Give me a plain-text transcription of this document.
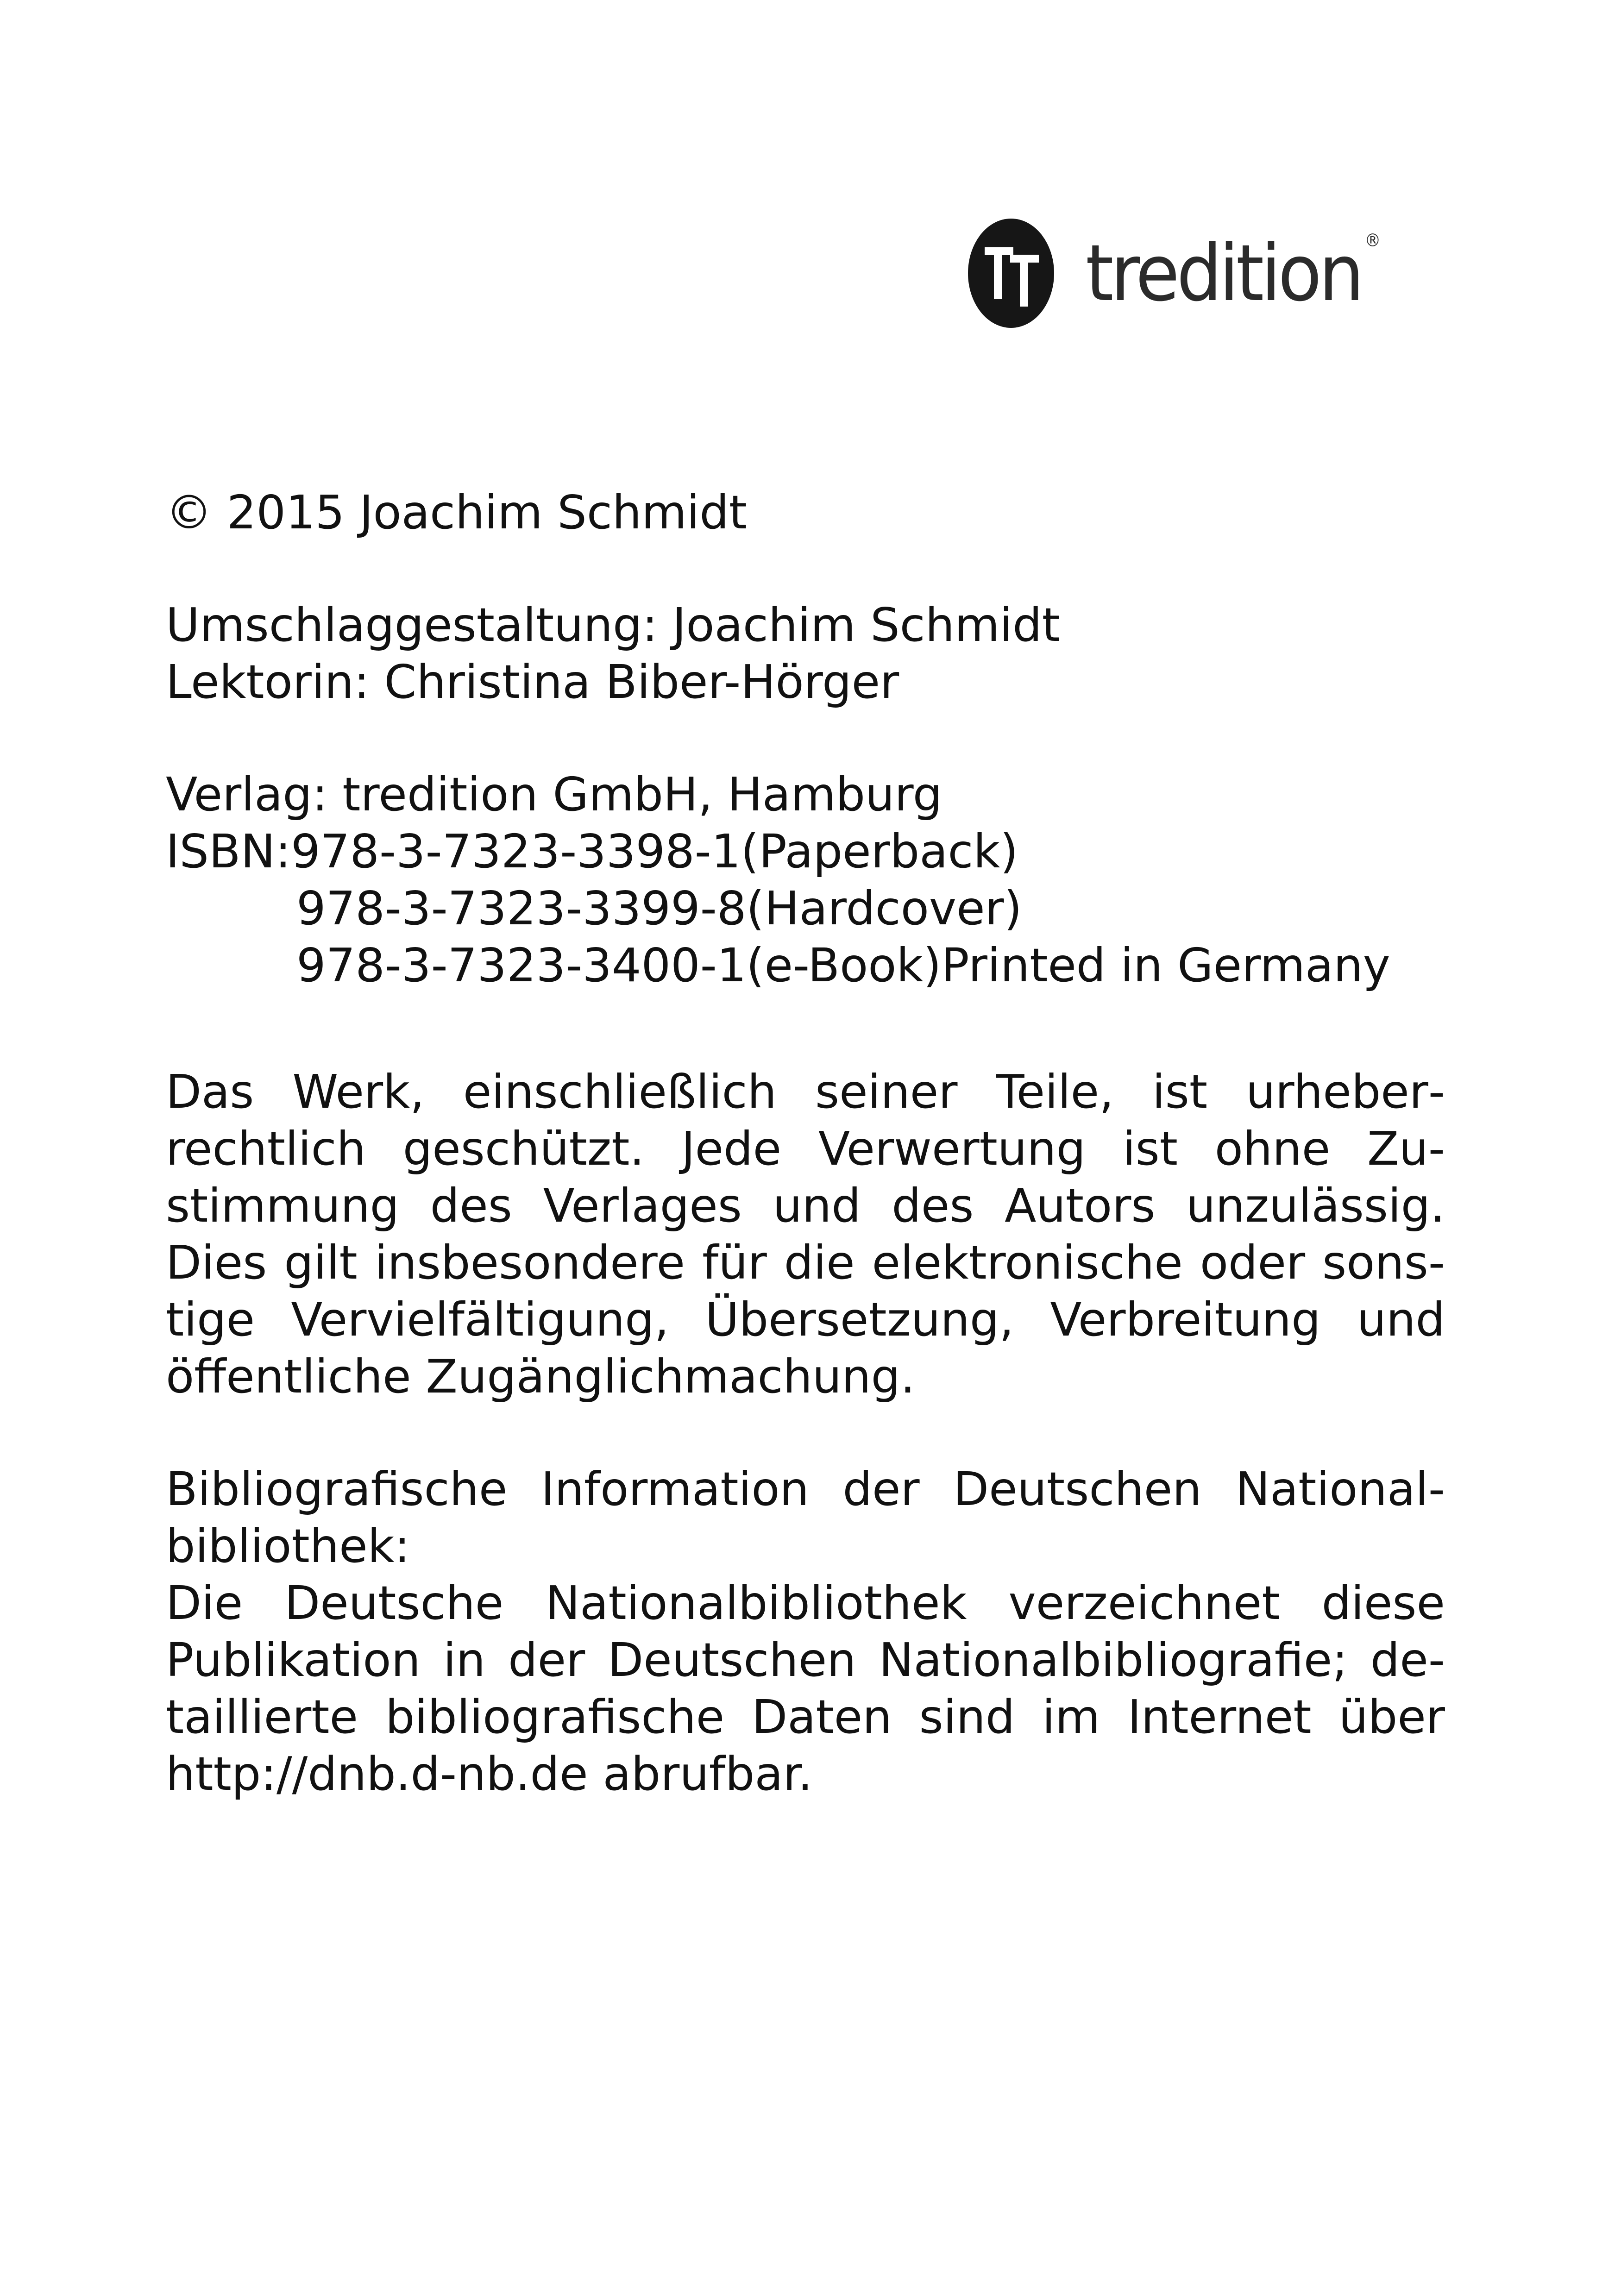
tredition ®
© 2015 Joachim Schmidt
Umschlaggestaltung: Joachim Schmidt
Lektorin: Christina Biber-Hörger
Verlag: tredition GmbH, Hamburg
ISBN:978-3-7323-3398-1(Paperback)
978-3-7323-3399-8(Hardcover)
978-3-7323-3400-1(e-Book)Printed in Germany
Das Werk, einschließlich seiner Teile, ist urheberrechtlich geschützt. Jede Verwertung ist ohne Zustimmung des Verlages und des Autors unzulässig. Dies gilt insbesondere für die elektronische oder sonstige Vervielfältigung, Übersetzung, Verbreitung und öffentliche Zugänglichmachung.
Bibliografische Information der Deutschen Nationalbibliothek:
Die Deutsche Nationalbibliothek verzeichnet diese Publikation in der Deutschen Nationalbibliografie; detaillierte bibliografische Daten sind im Internet über http://dnb.d-nb.de abrufbar.
